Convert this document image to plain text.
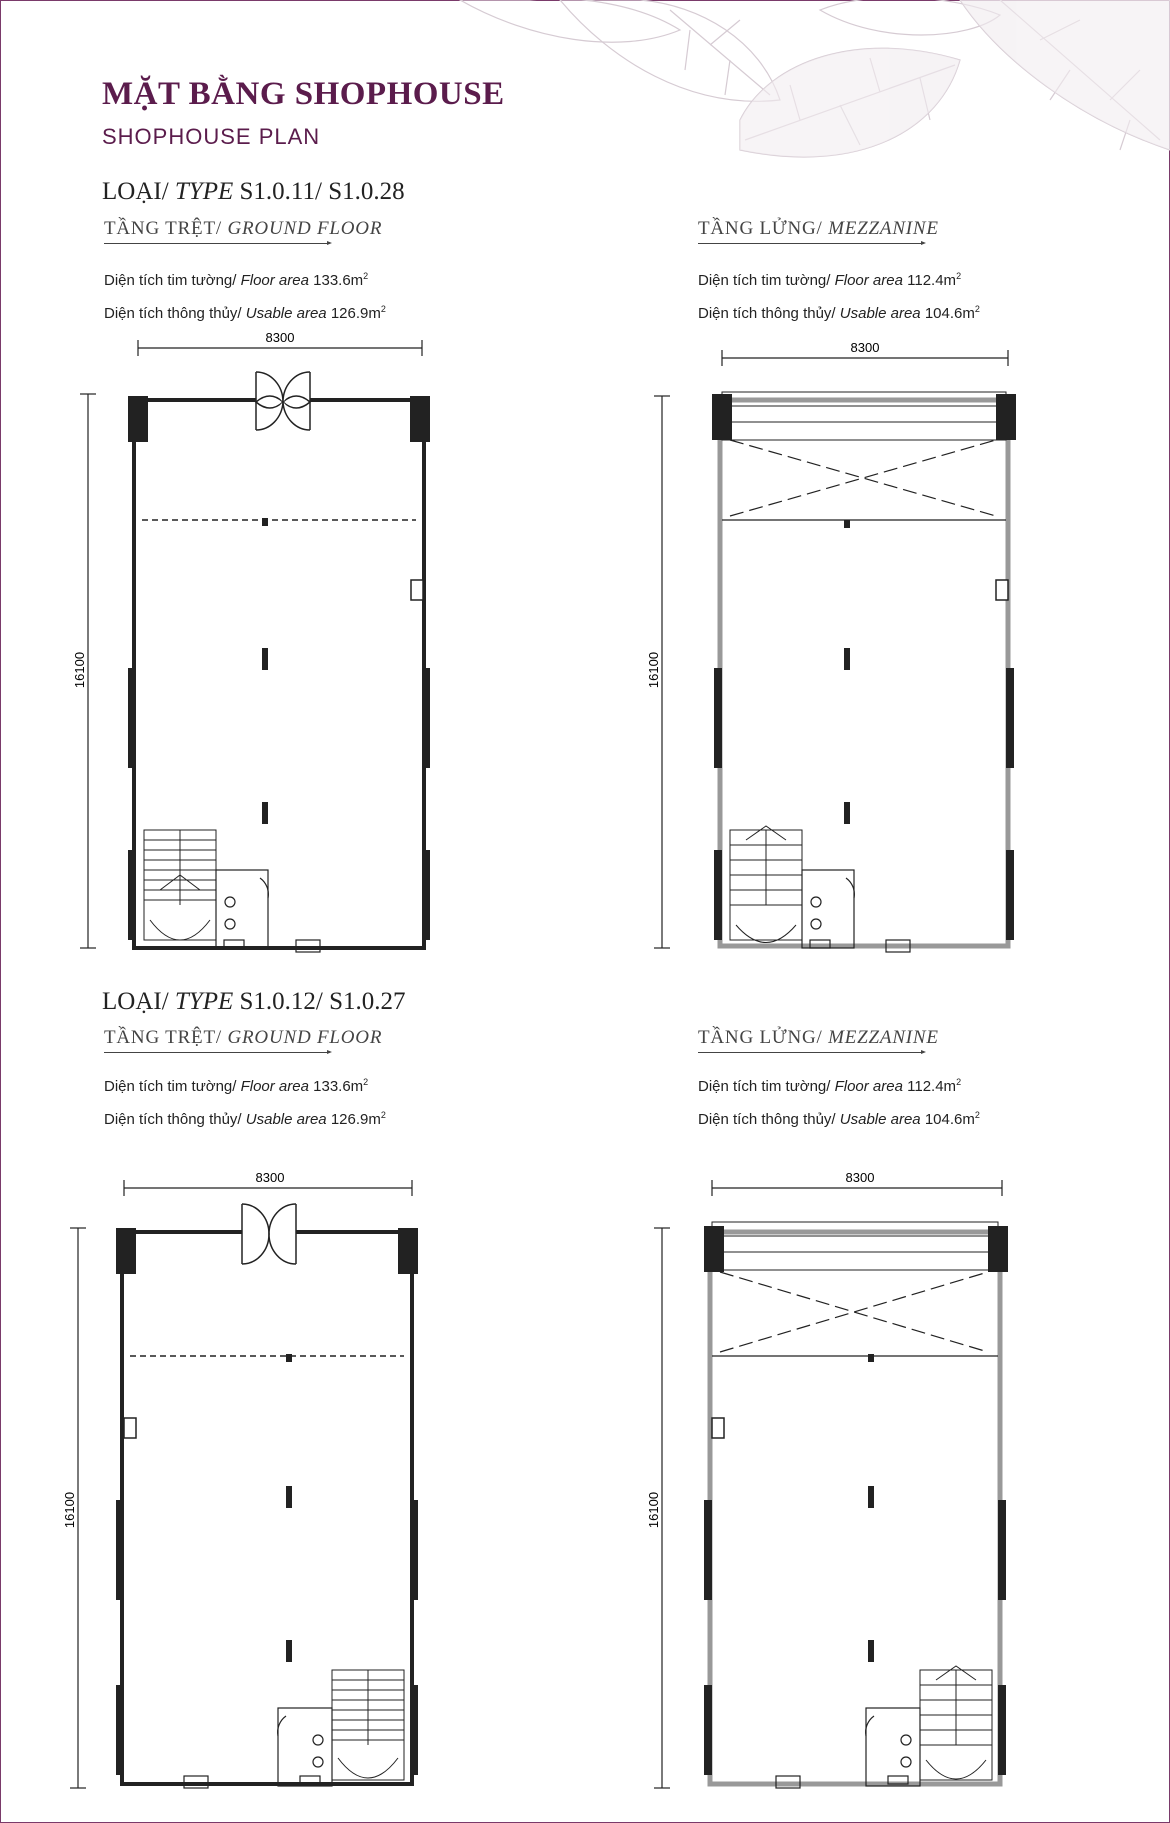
MẶT BẰNG SHOPHOUSE
SHOPHOUSE PLAN
LOẠI/ TYPE S1.0.11/ S1.0.28
TẦNG TRỆT/ GROUND FLOOR
Diện tích tim tường/ Floor area $133.6m^2$
Diện tích thông thủy/ Usable area $126.9m^2$
TẦNG LỬNG/ MEZZANINE
Diện tích tim tường/ Floor area $112.4m^2$
Diện tích thông thủy/ Usable area $104.6m^2$
8300
16100
8300
16100
LOẠI/ TYPE S1.0.12/ S1.0.27
TẦNG TRỆT/ GROUND FLOOR
Diện tích tim tường/ Floor area $133.6m^2$
Diện tích thông thủy/ Usable area $126.9m^2$
TẦNG LỬNG/ MEZZANINE
Diện tích tim tường/ Floor area $112.4m^2$
Diện tích thông thủy/ Usable area $104.6m^2$
8300
16100
8300
16100
